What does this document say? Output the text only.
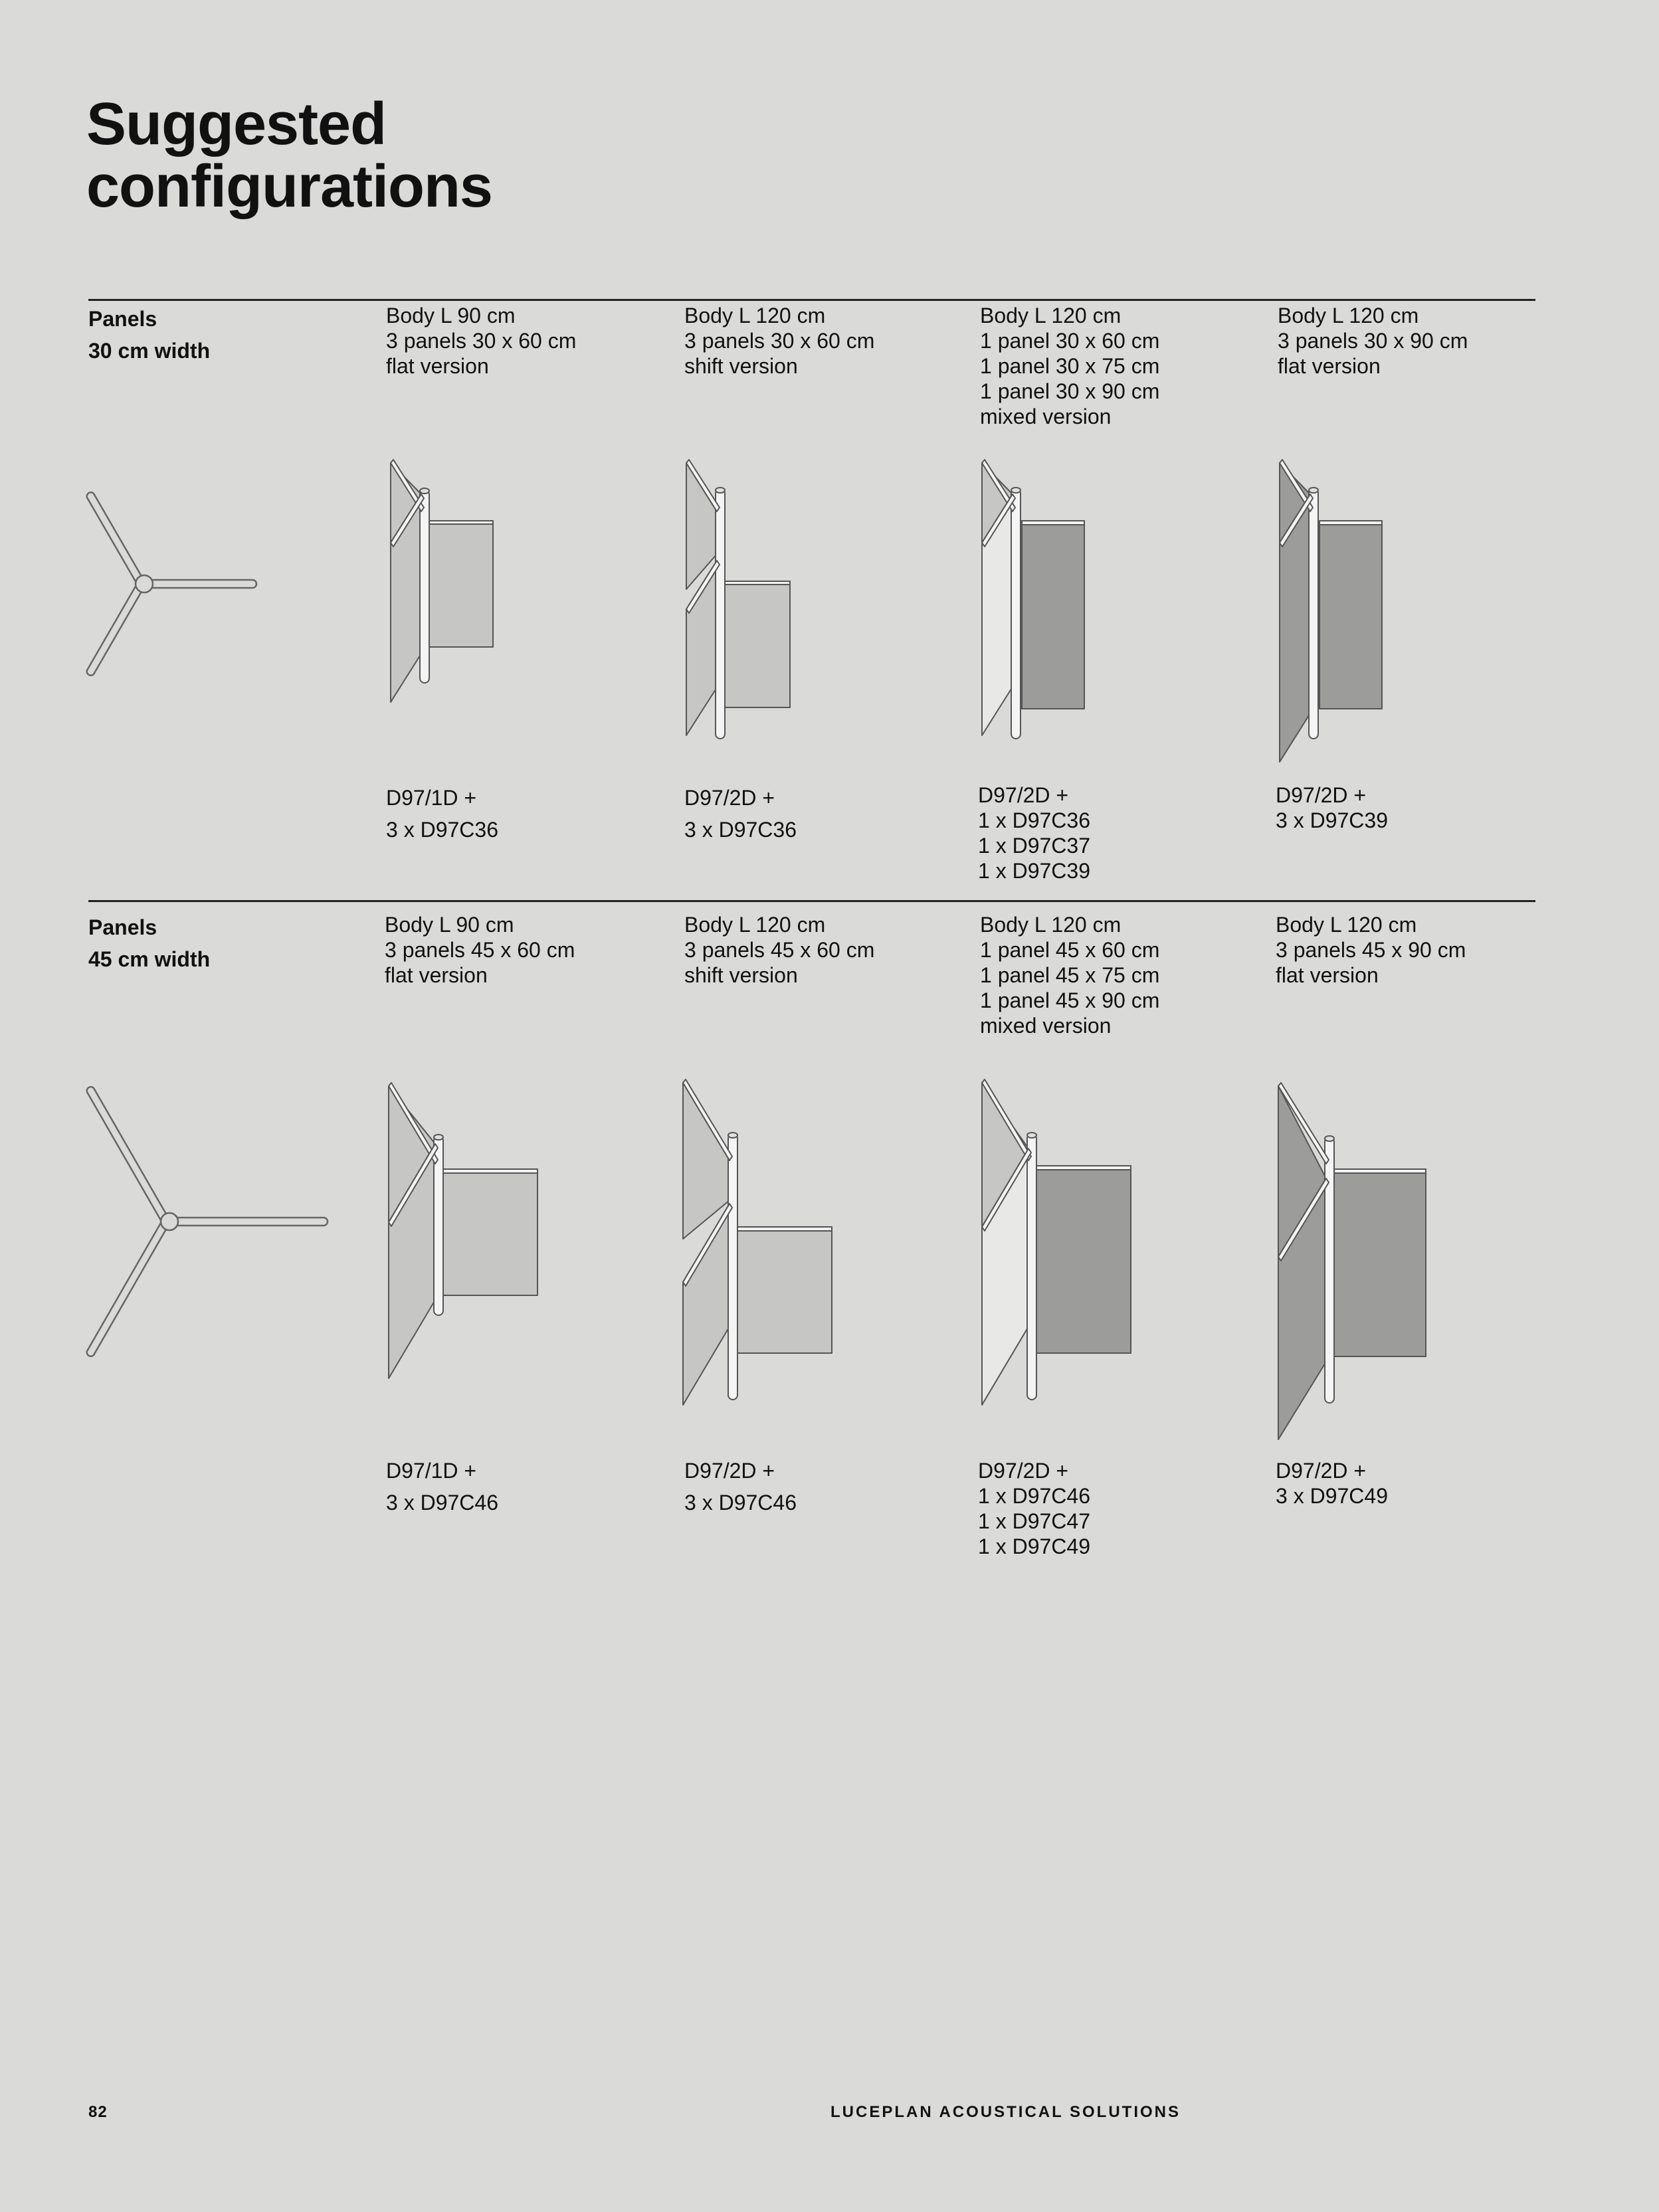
Suggested
configurations
Panels
30 cm width
Body L 90 cm
3 panels 30 x 60 cm
flat version
Body L 120 cm
3 panels 30 x 60 cm
shift version
Body L 120 cm
1 panel 30 x 60 cm
1 panel 30 x 75 cm
1 panel 30 x 90 cm
mixed version
Body L 120 cm
3 panels 30 x 90 cm
flat version
D97/1D +
3 x D97C36
D97/2D +
3 x D97C36
D97/2D +
1 x D97C36
1 x D97C37
1 x D97C39
D97/2D +
3 x D97C39
Panels
45 cm width
Body L 90 cm
3 panels 45 x 60 cm
flat version
Body L 120 cm
3 panels 45 x 60 cm
shift version
Body L 120 cm
1 panel 45 x 60 cm
1 panel 45 x 75 cm
1 panel 45 x 90 cm
mixed version
Body L 120 cm
3 panels 45 x 90 cm
flat version
D97/1D +
3 x D97C46
D97/2D +
3 x D97C46
D97/2D +
1 x D97C46
1 x D97C47
1 x D97C49
D97/2D +
3 x D97C49
82	LUCEPLAN ACOUSTICAL SOLUTIONS
